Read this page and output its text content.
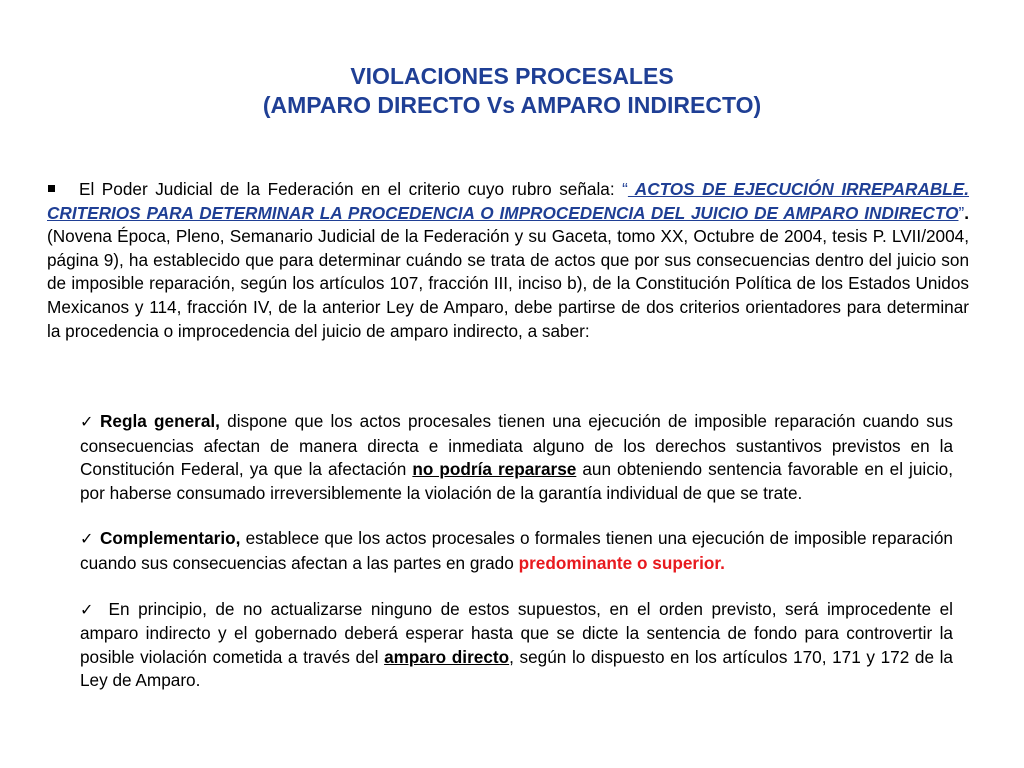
VIOLACIONES PROCESALES
(AMPARO DIRECTO Vs AMPARO INDIRECTO)
El Poder Judicial de la Federación en el criterio cuyo rubro señala: “ ACTOS DE EJECUCIÓN IRREPARABLE. CRITERIOS PARA DETERMINAR LA PROCEDENCIA O IMPROCEDENCIA DEL JUICIO DE AMPARO INDIRECTO”. (Novena Época, Pleno, Semanario Judicial de la Federación y su Gaceta, tomo XX, Octubre de 2004, tesis P. LVII/2004, página 9), ha establecido que para determinar cuándo se trata de actos que por sus consecuencias dentro del juicio son de imposible reparación, según los artículos 107, fracción III, inciso b), de la Constitución Política de los Estados Unidos Mexicanos y 114, fracción IV, de la anterior Ley de Amparo, debe partirse de dos criterios orientadores para determinar la procedencia o improcedencia del juicio de amparo indirecto, a saber:
✓ Regla general, dispone que los actos procesales tienen una ejecución de imposible reparación cuando sus consecuencias afectan de manera directa e inmediata alguno de los derechos sustantivos previstos en la Constitución Federal, ya que la afectación no podría repararse aun obteniendo sentencia favorable en el juicio, por haberse consumado irreversiblemente la violación de la garantía individual de que se trate.
✓ Complementario, establece que los actos procesales o formales tienen una ejecución de imposible reparación cuando sus consecuencias afectan a las partes en grado predominante o superior.
✓ En principio, de no actualizarse ninguno de estos supuestos, en el orden previsto, será improcedente el amparo indirecto y el gobernado deberá esperar hasta que se dicte la sentencia de fondo para controvertir la posible violación cometida a través del amparo directo, según lo dispuesto en los artículos 170, 171 y 172 de la Ley de Amparo.
